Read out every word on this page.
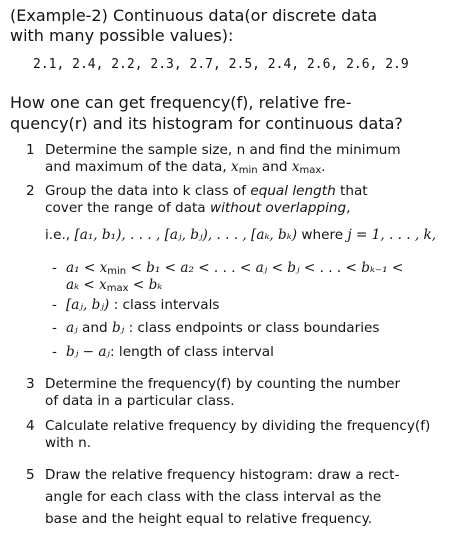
(Example-2) Continuous data(or discrete data
with many possible values):
2.1, 2.4, 2.2, 2.3, 2.7, 2.5, 2.4, 2.6, 2.6, 2.9
How one can get frequency(f), relative fre-
quency(r) and its histogram for continuous data?
1 Determine the sample size, n and find the minimum
and maximum of the data, xmin and xmax.
2 Group the data into k class of equal length that
cover the range of data without overlapping,
i.e., [a₁, b₁), . . . , [aⱼ, bⱼ), . . . , [aₖ, bₖ) where j = 1, . . . , k,
- a₁ < xmin < b₁ < a₂ < . . . < aⱼ < bⱼ < . . . < bₖ₋₁ <
aₖ < xmax < bₖ
- [aⱼ, bⱼ) : class intervals
- aⱼ and bⱼ : class endpoints or class boundaries
- bⱼ − aⱼ: length of class interval
3 Determine the frequency(f) by counting the number
of data in a particular class.
4 Calculate relative frequency by dividing the frequency(f)
with n.
5 Draw the relative frequency histogram: draw a rect-
angle for each class with the class interval as the
base and the height equal to relative frequency.
